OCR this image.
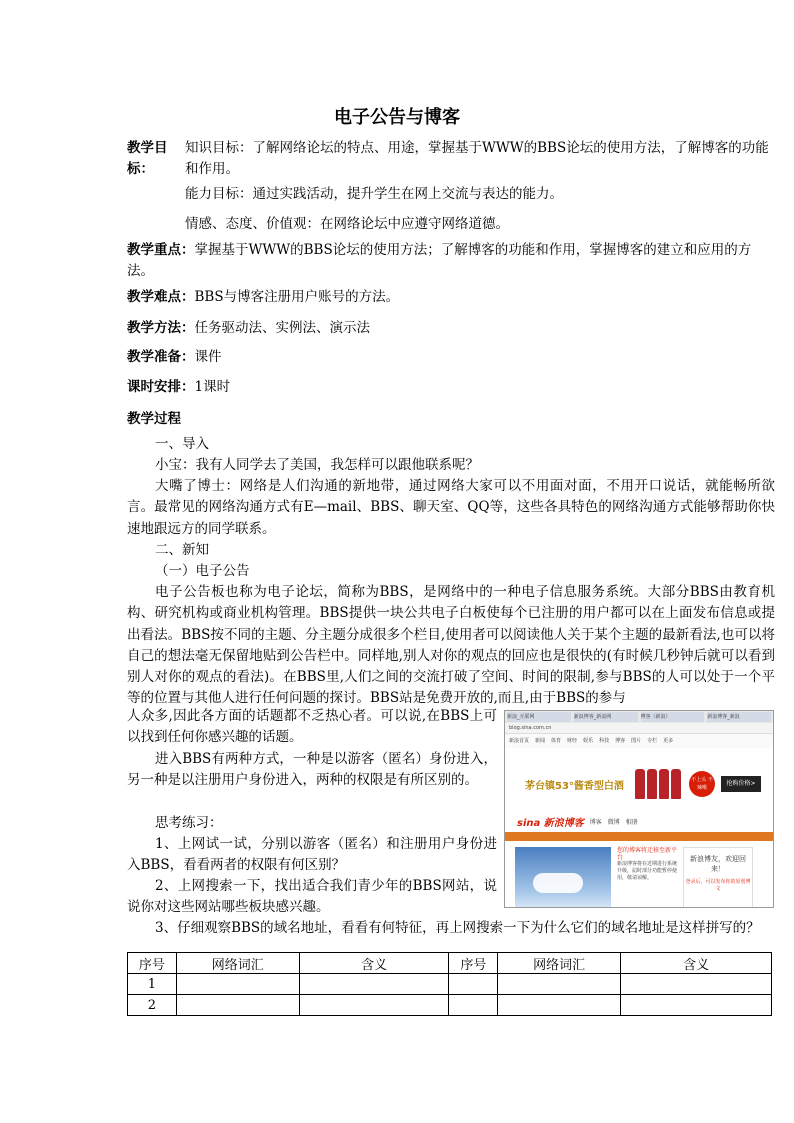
电子公告与博客
教学目标：
知识目标：了解网络论坛的特点、用途，掌握基于WWW的BBS论坛的使用方法，了解博客的功能和作用。
能力目标：通过实践活动，提升学生在网上交流与表达的能力。
情感、态度、价值观：在网络论坛中应遵守网络道德。
教学重点：掌握基于WWW的BBS论坛的使用方法；了解博客的功能和作用，掌握博客的建立和应用的方法。
教学难点：BBS与博客注册用户账号的方法。
教学方法：任务驱动法、实例法、演示法
教学准备：课件
课时安排：1课时
教学过程
一、导入
小宝：我有人同学去了美国，我怎样可以跟他联系呢？
大嘴了博士：网络是人们沟通的新地带，通过网络大家可以不用面对面，不用开口说话，就能畅所欲言。最常见的网络沟通方式有E—mail、BBS、聊天室、QQ等，这些各具特色的网络沟通方式能够帮助你快速地跟远方的同学联系。
二、新知
（一）电子公告
电子公告板也称为电子论坛，简称为BBS，是网络中的一种电子信息服务系统。大部分BBS由教育机构、研究机构或商业机构管理。BBS提供一块公共电子白板使每个已注册的用户都可以在上面发布信息或提出看法。BBS按不同的主题、分主题分成很多个栏目,使用者可以阅读他人关于某个主题的最新看法,也可以将自己的想法毫无保留地贴到公告栏中。同样地,别人对你的观点的回应也是很快的(有时候几秒钟后就可以看到别人对你的观点的看法)。在BBS里,人们之间的交流打破了空间、时间的限制,参与BBS的人可以处于一个平等的位置与其他人进行任何问题的探讨。BBS站是免费开放的,而且,由于BBS的参与
人众多,因此各方面的话题都不乏热心者。可以说,在BBS上可以找到任何你感兴趣的话题。
进入BBS有两种方式，一种是以游客（匿名）身份进入，另一种是以注册用户身份进入，两种的权限是有所区别的。
思考练习：
1、上网试一试，分别以游客（匿名）和注册用户身份进入BBS，看看两者的权限有何区别？
2、上网搜索一下，找出适合我们青少年的BBS网站，说说你对这些网站哪些板块感兴趣。
3、仔细观察BBS的域名地址，看看有何特征，再上网搜索一下为什么它们的域名地址是这样拼写的？
新浪_互联网	新浪博客_新浪网	博客（新浪）	新浪博客_新浪
blog.sina.com.cn
新浪首页 新闻 体育 财经 娱乐 科技 博客 图片 专栏 更多
茅台镇53°酱香型白酒
不上头 不辣喉
抢购价格>
sina 新浪博客 博客 微博 相册
您的博客将迁移至新平台
新浪博客将在近期进行系统升级，届时部分功能暂停使用，敬请谅解。
新浪博友，欢迎回来！
登录后，可以发布你的原创博文
序号	网络词汇	含义	序号	网络词汇	含义
1					
2					
